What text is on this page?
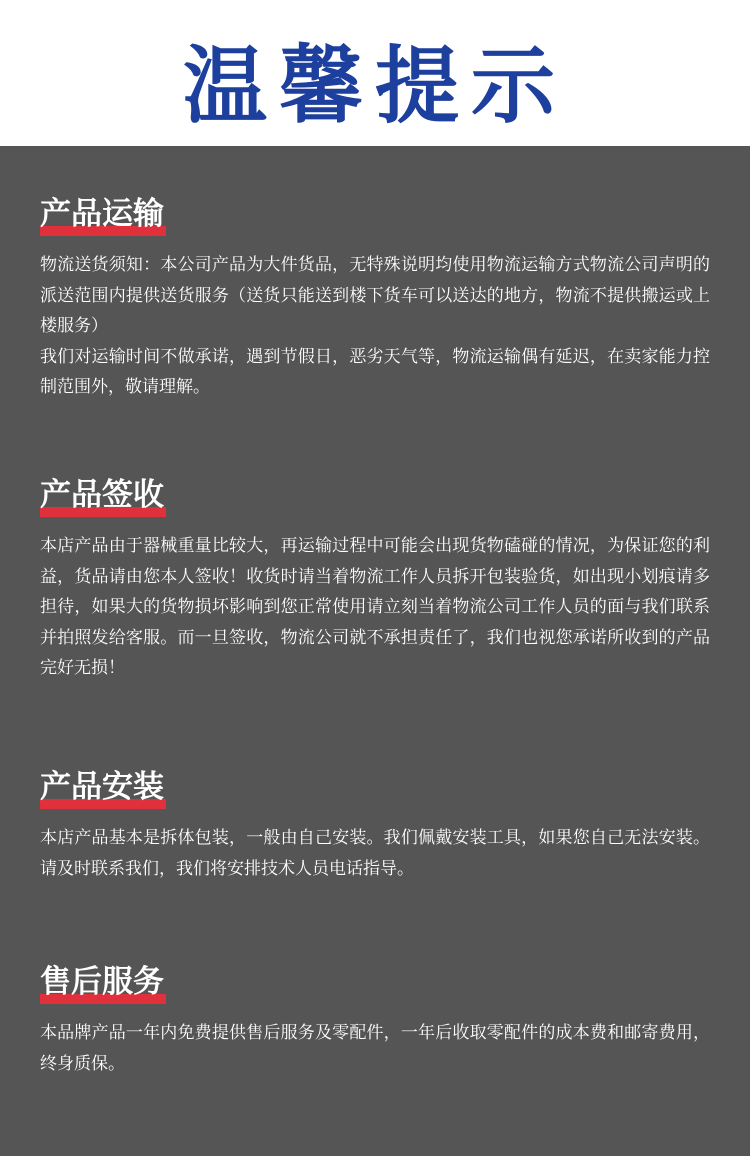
温馨提示
产品运输

物流送货须知：本公司产品为大件货品，无特殊说明均使用物流运输方式物流公司声明的派送范围内提供送货服务（送货只能送到楼下货车可以送达的地方，物流不提供搬运或上楼服务）

我们对运输时间不做承诺，遇到节假日，恶劣天气等，物流运输偶有延迟，在卖家能力控制范围外，敬请理解。

产品签收

本店产品由于器械重量比较大，再运输过程中可能会出现货物磕碰的情况，为保证您的利益，货品请由您本人签收！收货时请当着物流工作人员拆开包装验货，如出现小划痕请多担待，如果大的货物损坏影响到您正常使用请立刻当着物流公司工作人员的面与我们联系并拍照发给客服。而一旦签收，物流公司就不承担责任了，我们也视您承诺所收到的产品完好无损！

产品安装

本店产品基本是拆体包装，一般由自己安装。我们佩戴安装工具，如果您自己无法安装。请及时联系我们，我们将安排技术人员电话指导。

售后服务

本品牌产品一年内免费提供售后服务及零配件，一年后收取零配件的成本费和邮寄费用，终身质保。
